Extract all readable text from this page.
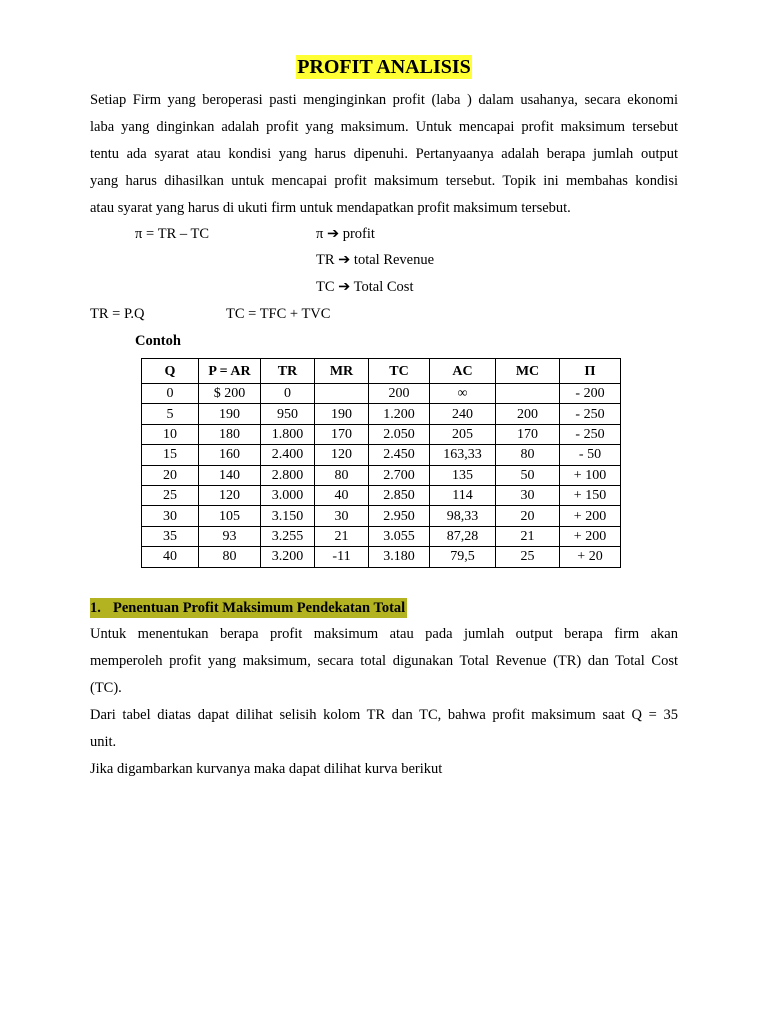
PROFIT ANALISIS
Setiap Firm yang beroperasi pasti menginginkan profit (laba ) dalam usahanya, secara ekonomi
laba yang dinginkan adalah profit yang maksimum. Untuk mencapai profit maksimum tersebut
tentu ada syarat atau kondisi yang harus dipenuhi. Pertanyaanya adalah berapa jumlah output
yang harus dihasilkan untuk mencapai profit maksimum tersebut. Topik ini membahas kondisi
atau syarat yang harus di ukuti firm untuk mendapatkan profit maksimum tersebut.
π = TR – TC	π ➔ profit
TR ➔ total Revenue
TC ➔ Total Cost
TR = P.Q	TC = TFC + TVC
Contoh
Q	P = AR	TR	MR	TC	AC	MC	Π
0	$ 200	0		200	∞		- 200
5	190	950	190	1.200	240	200	- 250
10	180	1.800	170	2.050	205	170	- 250
15	160	2.400	120	2.450	163,33	80	- 50
20	140	2.800	80	2.700	135	50	+ 100
25	120	3.000	40	2.850	114	30	+ 150
30	105	3.150	30	2.950	98,33	20	+ 200
35	93	3.255	21	3.055	87,28	21	+ 200
40	80	3.200	-11	3.180	79,5	25	+ 20
1. Penentuan Profit Maksimum Pendekatan Total
Untuk menentukan berapa profit maksimum atau pada jumlah output berapa firm akan
memperoleh profit yang maksimum, secara total digunakan Total Revenue (TR) dan Total Cost
(TC).
Dari tabel diatas dapat dilihat selisih kolom TR dan TC, bahwa profit maksimum saat Q = 35
unit.
Jika digambarkan kurvanya maka dapat dilihat kurva berikut
